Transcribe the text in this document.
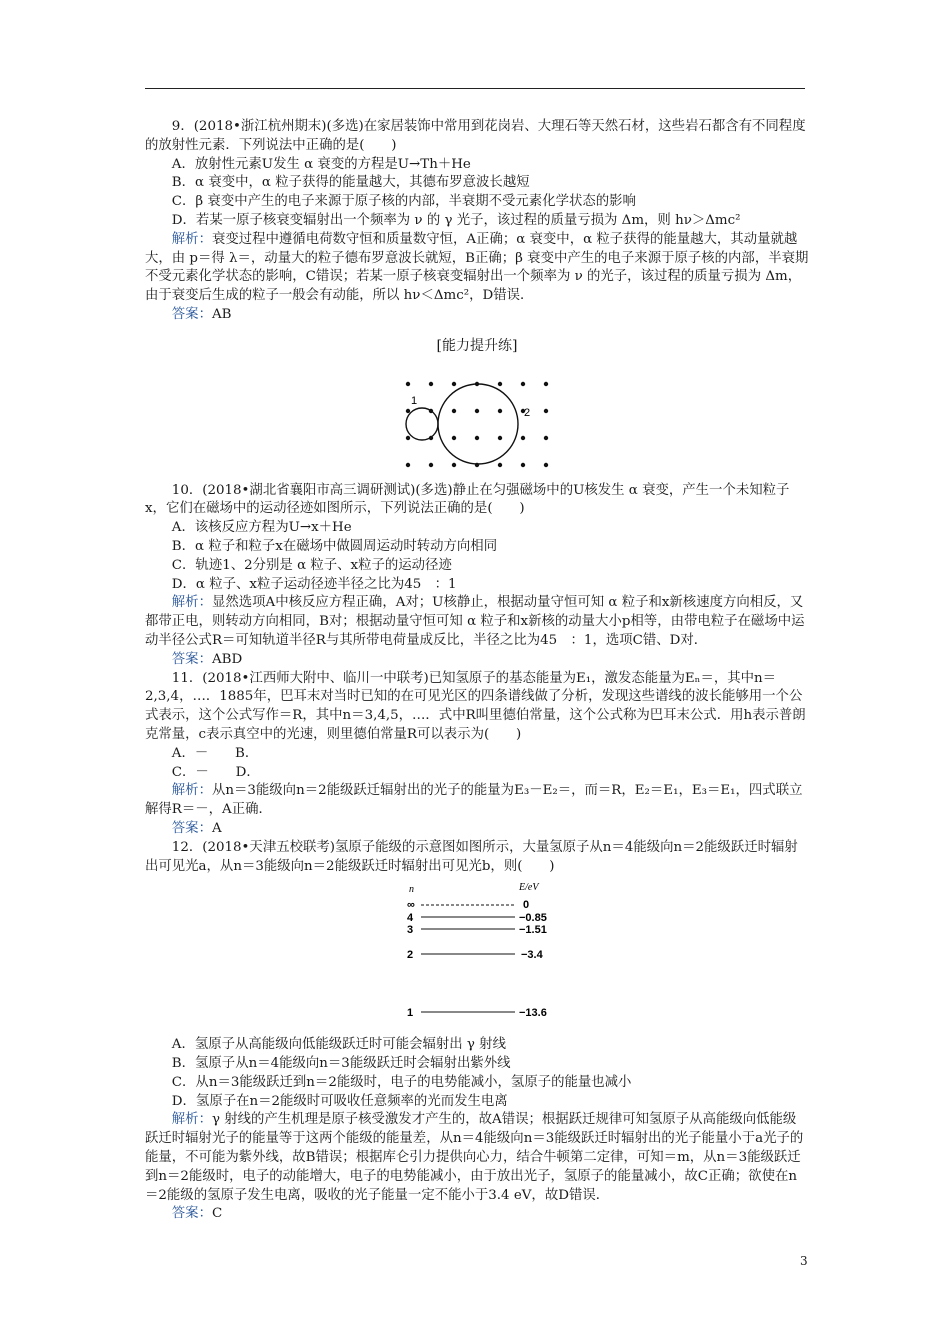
9．(2018•浙江杭州期末)(多选)在家居装饰中常用到花岗岩、大理石等天然石材，这些岩石都含有不同程度的放射性元素．下列说法中正确的是(　　)

A．放射性元素U发生 α 衰变的方程是U→Th＋He

B．α 衰变中，α 粒子获得的能量越大，其德布罗意波长越短

C．β 衰变中产生的电子来源于原子核的内部，半衰期不受元素化学状态的影响

D．若某一原子核衰变辐射出一个频率为 ν 的 γ 光子，该过程的质量亏损为 Δm，则 hν＞Δmc²

解析：衰变过程中遵循电荷数守恒和质量数守恒，A正确；α 衰变中，α 粒子获得的能量越大，其动量就越大，由 p＝得 λ＝，动量大的粒子德布罗意波长就短，B正确；β 衰变中产生的电子来源于原子核的内部，半衰期不受元素化学状态的影响，C错误；若某一原子核衰变辐射出一个频率为 ν 的光子，该过程的质量亏损为 Δm，由于衰变后生成的粒子一般会有动能，所以 hν＜Δmc²，D错误．

答案：AB

[能力提升练]
1
2

10．(2018•湖北省襄阳市高三调研测试)(多选)静止在匀强磁场中的U核发生 α 衰变，产生一个未知粒子x，它们在磁场中的运动径迹如图所示，下列说法正确的是(　　)

A．该核反应方程为U→x＋He

B．α 粒子和粒子x在磁场中做圆周运动时转动方向相同

C．轨迹1、2分别是 α 粒子、x粒子的运动径迹

D．α 粒子、x粒子运动径迹半径之比为45　：1

解析：显然选项A中核反应方程正确，A对；U核静止，根据动量守恒可知 α 粒子和x新核速度方向相反，又都带正电，则转动方向相同，B对；根据动量守恒可知 α 粒子和x新核的动量大小p相等，由带电粒子在磁场中运动半径公式R＝可知轨道半径R与其所带电荷量成反比，半径之比为45　：1，选项C错、D对．

答案：ABD

11．(2018•江西师大附中、临川一中联考)已知氢原子的基态能量为E₁，激发态能量为Eₙ＝，其中n＝2,3,4，…．1885年，巴耳末对当时已知的在可见光区的四条谱线做了分析，发现这些谱线的波长能够用一个公式表示，这个公式写作＝R，其中n＝3,4,5，…．式中R叫里德伯常量，这个公式称为巴耳末公式．用h表示普朗克常量，c表示真空中的光速，则里德伯常量R可以表示为(　　)

A．－　　B．

C．－　　D．

解析：从n＝3能级向n＝2能级跃迁辐射出的光子的能量为E₃－E₂＝，而＝R，E₂＝E₁，E₃＝E₁，四式联立解得R＝－，A正确．

答案：A

12．(2018•天津五校联考)氢原子能级的示意图如图所示，大量氢原子从n＝4能级向n＝2能级跃迁时辐射出可见光a，从n＝3能级向n＝2能级跃迁时辐射出可见光b，则(　　)

n	E/eV
∞	0
4	−0.85
3	−1.51
2	−3.4
1	−13.6

A．氢原子从高能级向低能级跃迁时可能会辐射出 γ 射线

B．氢原子从n＝4能级向n＝3能级跃迁时会辐射出紫外线

C．从n＝3能级跃迁到n＝2能级时，电子的电势能减小，氢原子的能量也减小

D．氢原子在n＝2能级时可吸收任意频率的光而发生电离

解析：γ 射线的产生机理是原子核受激发才产生的，故A错误；根据跃迁规律可知氢原子从高能级向低能级跃迁时辐射光子的能量等于这两个能级的能量差，从n＝4能级向n＝3能级跃迁时辐射出的光子能量小于a光子的能量，不可能为紫外线，故B错误；根据库仑引力提供向心力，结合牛顿第二定律，可知＝m，从n＝3能级跃迁到n＝2能级时，电子的动能增大，电子的电势能减小，由于放出光子，氢原子的能量减小，故C正确；欲使在n＝2能级的氢原子发生电离，吸收的光子能量一定不能小于3.4 eV，故D错误．

答案：C

3
